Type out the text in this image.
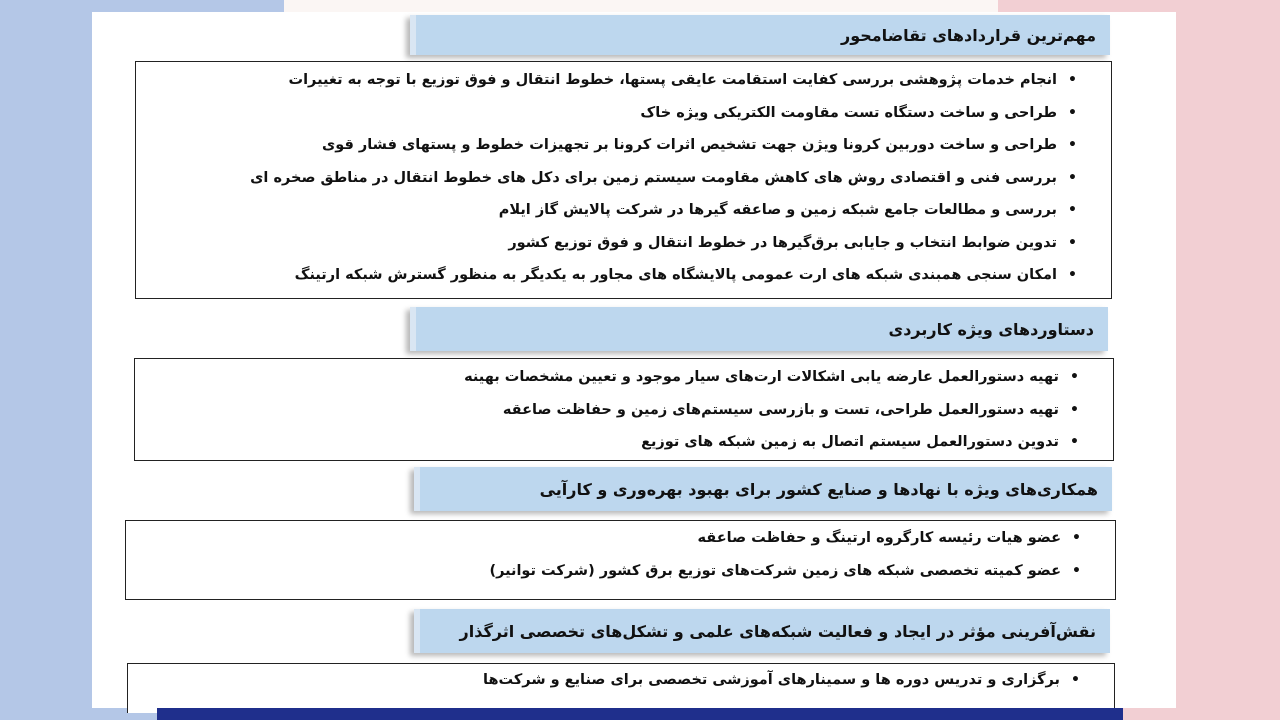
مهم‌ترین قراردادهای تقاضامحور
•
انجام خدمات پژوهشی بررسی کفایت استقامت عایقی پستها، خطوط انتقال و فوق توزیع با توجه به تغییرات
•
طراحی و ساخت دستگاه تست مقاومت الکتریکی ویژه خاک
•
طراحی و ساخت دوربین کرونا ویژن جهت تشخیص اثرات کرونا بر تجهیزات خطوط و پستهای فشار قوی
•
بررسی فنی و اقتصادی روش های کاهش مقاومت سیستم زمین برای دکل های خطوط انتقال در مناطق صخره ای
•
بررسی و مطالعات جامع شبکه زمین و صاعقه گیرها در شرکت پالایش گاز ایلام
•
تدوین ضوابط انتخاب و جایابی برق‌گیرها در خطوط انتقال و فوق توزیع کشور
•
امکان سنجی همبندی شبکه های ارت عمومی پالایشگاه های مجاور به یکدیگر به منظور گسترش شبکه ارتینگ
دستاوردهای ویژه کاربردی
•
تهیه دستورالعمل عارضه یابی اشکالات ارت‌های سیار موجود و تعیین مشخصات بهینه
•
تهیه دستورالعمل طراحی، تست و بازرسی سیستم‌های زمین و حفاظت صاعقه
•
تدوین دستورالعمل سیستم اتصال به زمین شبکه های توزیع
همکاری‌های ویژه با نهادها و صنایع کشور برای بهبود بهره‌وری و کارآیی
•
عضو هیات رئیسه کارگروه ارتینگ و حفاظت صاعقه
•
عضو کمیته تخصصی شبکه های زمین شرکت‌های توزیع برق کشور (شرکت توانیر)
نقش‌آفرینی مؤثر در ایجاد و فعالیت شبکه‌های علمی و تشکل‌های تخصصی اثرگذار
•
برگزاری و تدریس دوره ها و سمینارهای آموزشی تخصصی برای صنایع و شرکت‌ها
